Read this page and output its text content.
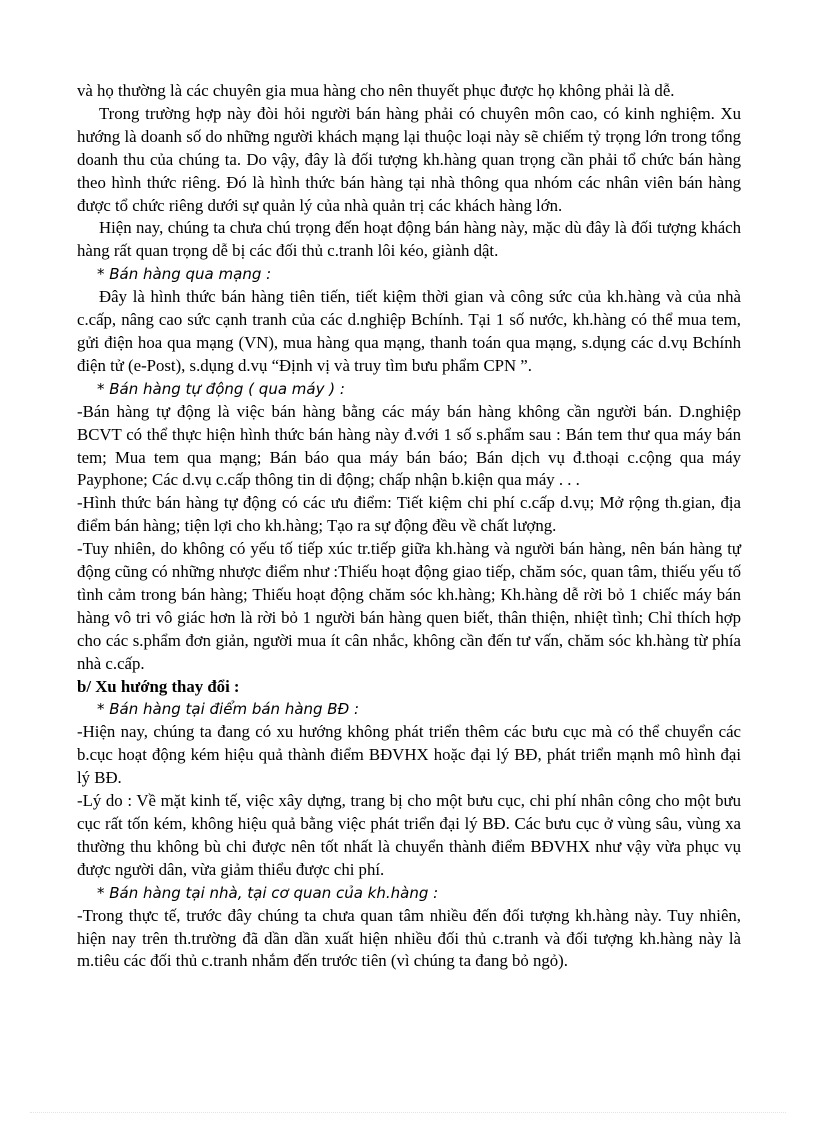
và họ thường là các chuyên gia mua hàng cho nên thuyết phục được họ không phải là dễ.

Trong trường hợp này đòi hỏi người bán hàng phải có chuyên môn cao, có kinh nghiệm. Xu hướng là doanh số do những người khách mạng lại thuộc loại này sẽ chiếm tỷ trọng lớn trong tổng doanh thu của chúng ta. Do vậy, đây là đối tượng kh.hàng quan trọng cần phải tổ chức bán hàng theo hình thức riêng. Đó là hình thức bán hàng tại nhà thông qua nhóm các nhân viên bán hàng được tổ chức riêng dưới sự quản lý của nhà quản trị các khách hàng lớn.

Hiện nay, chúng ta chưa chú trọng đến hoạt động bán hàng này, mặc dù đây là đối tượng khách hàng rất quan trọng dễ bị các đối thủ c.tranh lôi kéo, giành dật.

* Bán hàng qua mạng :

Đây là hình thức bán hàng tiên tiến, tiết kiệm thời gian và công sức của kh.hàng và của nhà c.cấp, nâng cao sức cạnh tranh của các d.nghiệp Bchính. Tại 1 số nước, kh.hàng có thể mua tem, gửi điện hoa qua mạng (VN), mua hàng qua mạng, thanh toán qua mạng, s.dụng các d.vụ Bchính điện tử (e-Post), s.dụng d.vụ “Định vị và truy tìm bưu phẩm CPN ”.

* Bán hàng tự động ( qua máy ) :

-Bán hàng tự động là việc bán hàng bằng các máy bán hàng không cần người bán. D.nghiệp BCVT có thể thực hiện hình thức bán hàng này đ.với 1 số s.phẩm sau : Bán tem thư qua máy bán tem; Mua tem qua mạng; Bán báo qua máy bán báo; Bán dịch vụ đ.thoại c.cộng qua máy Payphone; Các d.vụ c.cấp thông tin di động; chấp nhận b.kiện qua máy . . .

-Hình thức bán hàng tự động có các ưu điểm: Tiết kiệm chi phí c.cấp d.vụ; Mở rộng th.gian, địa điểm bán hàng; tiện lợi cho kh.hàng; Tạo ra sự động đều về chất lượng.

-Tuy nhiên, do không có yếu tố tiếp xúc tr.tiếp giữa kh.hàng và người bán hàng, nên bán hàng tự động cũng có những nhược điểm như :Thiếu hoạt động giao tiếp, chăm sóc, quan tâm, thiếu yếu tố tình cảm trong bán hàng; Thiếu hoạt động chăm sóc kh.hàng; Kh.hàng dễ rời bỏ 1 chiếc máy bán hàng vô tri vô giác hơn là rời bỏ 1 người bán hàng quen biết, thân thiện, nhiệt tình; Chỉ thích hợp cho các s.phẩm đơn giản, người mua ít cân nhắc, không cần đến tư vấn, chăm sóc kh.hàng từ phía nhà c.cấp.

b/ Xu hướng thay đổi :

* Bán hàng tại điểm bán hàng BĐ :

-Hiện nay, chúng ta đang có xu hướng không phát triển thêm các bưu cục mà có thể chuyển các b.cục hoạt động kém hiệu quả thành điểm BĐVHX hoặc đại lý BĐ, phát triển mạnh mô hình đại lý BĐ.

-Lý do : Về mặt kinh tế, việc xây dựng, trang bị cho một bưu cục, chi phí nhân công cho một bưu cục rất tốn kém, không hiệu quả bằng việc phát triển đại lý BĐ. Các bưu cục ở vùng sâu, vùng xa thường thu không bù chi được nên tốt nhất là chuyển thành điểm BĐVHX như vậy vừa phục vụ được người dân, vừa giảm thiểu được chi phí.

* Bán hàng tại nhà, tại cơ quan của kh.hàng :

-Trong thực tế, trước đây chúng ta chưa quan tâm nhiều đến đối tượng kh.hàng này. Tuy nhiên, hiện nay trên th.trường đã dần dần xuất hiện nhiều đối thủ c.tranh và đối tượng kh.hàng này là m.tiêu các đối thủ c.tranh nhắm đến trước tiên (vì chúng ta đang bỏ ngỏ).
